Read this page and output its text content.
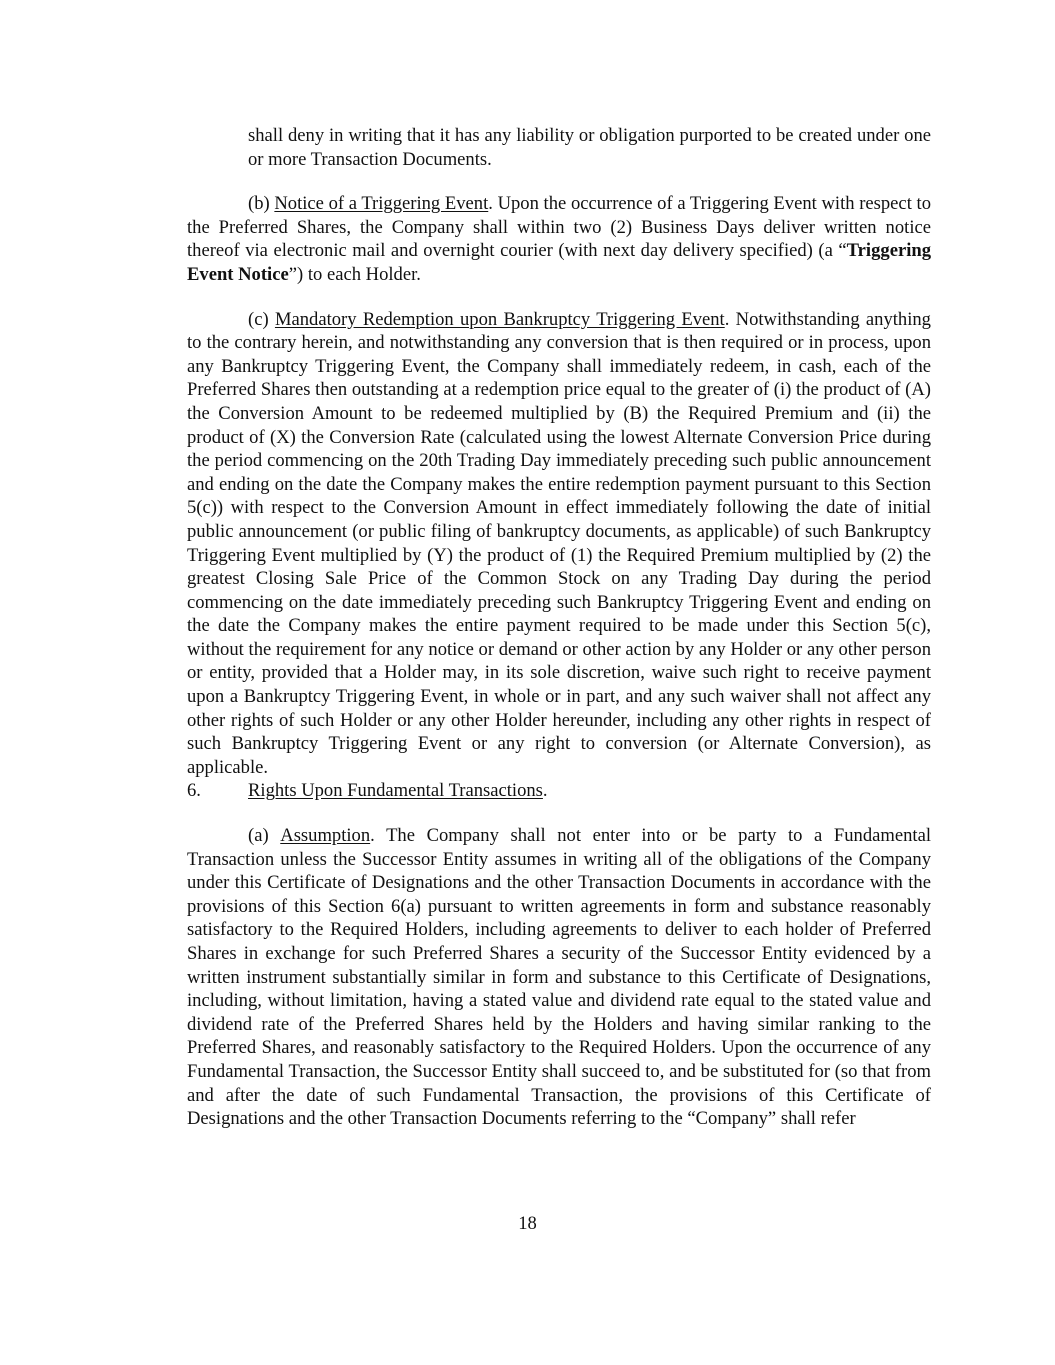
shall deny in writing that it has any liability or obligation purported to be created under one or more Transaction Documents.

(b) Notice of a Triggering Event. Upon the occurrence of a Triggering Event with respect to the Preferred Shares, the Company shall within two (2) Business Days deliver written notice thereof via electronic mail and overnight courier (with next day delivery specified) (a “Triggering Event Notice”) to each Holder.

(c) Mandatory Redemption upon Bankruptcy Triggering Event. Notwithstanding anything to the contrary herein, and notwithstanding any conversion that is then required or in process, upon any Bankruptcy Triggering Event, the Company shall immediately redeem, in cash, each of the Preferred Shares then outstanding at a redemption price equal to the greater of (i) the product of (A) the Conversion Amount to be redeemed multiplied by (B) the Required Premium and (ii) the product of (X) the Conversion Rate (calculated using the lowest Alternate Conversion Price during the period commencing on the 20th Trading Day immediately preceding such public announcement and ending on the date the Company makes the entire redemption payment pursuant to this Section 5(c)) with respect to the Conversion Amount in effect immediately following the date of initial public announcement (or public filing of bankruptcy documents, as applicable) of such Bankruptcy Triggering Event multiplied by (Y) the product of (1) the Required Premium multiplied by (2) the greatest Closing Sale Price of the Common Stock on any Trading Day during the period commencing on the date immediately preceding such Bankruptcy Triggering Event and ending on the date the Company makes the entire payment required to be made under this Section 5(c), without the requirement for any notice or demand or other action by any Holder or any other person or entity, provided that a Holder may, in its sole discretion, waive such right to receive payment upon a Bankruptcy Triggering Event, in whole or in part, and any such waiver shall not affect any other rights of such Holder or any other Holder hereunder, including any other rights in respect of such Bankruptcy Triggering Event or any right to conversion (or Alternate Conversion), as applicable.

6.	Rights Upon Fundamental Transactions.

(a) Assumption. The Company shall not enter into or be party to a Fundamental Transaction unless the Successor Entity assumes in writing all of the obligations of the Company under this Certificate of Designations and the other Transaction Documents in accordance with the provisions of this Section 6(a) pursuant to written agreements in form and substance reasonably satisfactory to the Required Holders, including agreements to deliver to each holder of Preferred Shares in exchange for such Preferred Shares a security of the Successor Entity evidenced by a written instrument substantially similar in form and substance to this Certificate of Designations, including, without limitation, having a stated value and dividend rate equal to the stated value and dividend rate of the Preferred Shares held by the Holders and having similar ranking to the Preferred Shares, and reasonably satisfactory to the Required Holders. Upon the occurrence of any Fundamental Transaction, the Successor Entity shall succeed to, and be substituted for (so that from and after the date of such Fundamental Transaction, the provisions of this Certificate of Designations and the other Transaction Documents referring to the “Company” shall refer

18
